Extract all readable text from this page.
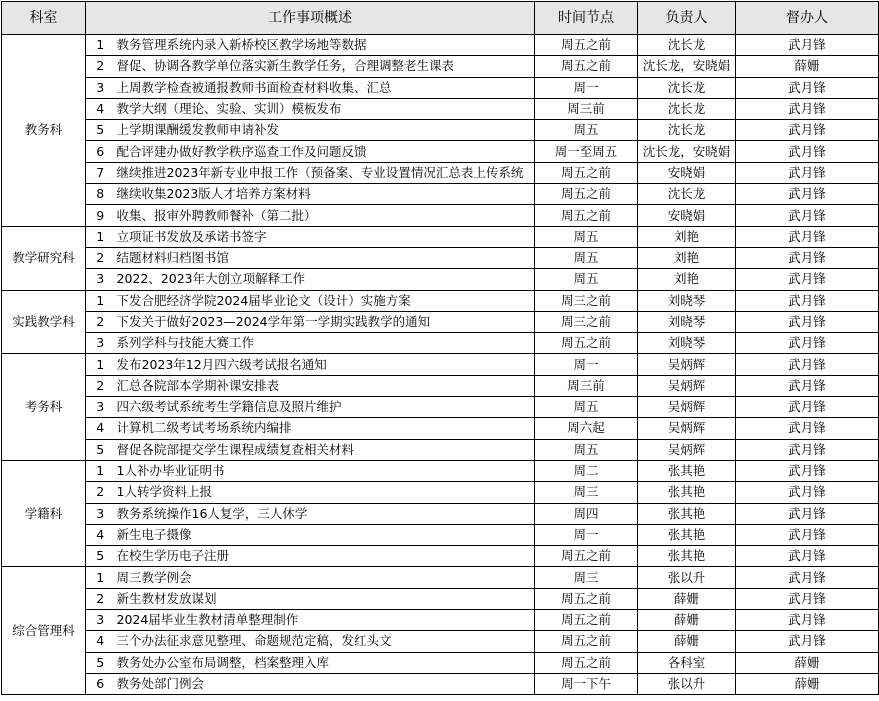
科室	工作事项概述		时间节点	负责人	督办人
教务科	1	教务管理系统内录入新桥校区教学场地等数据	周五之前	沈长龙	武月锋
	2	督促、协调各教学单位落实新生教学任务，合理调整老生课表	周五之前	沈长龙，安晓娟	薛姗
	3	上周教学检查被通报教师书面检查材料收集、汇总	周一	沈长龙	武月锋
	4	教学大纲（理论、实验、实训）模板发布	周三前	沈长龙	武月锋
	5	上学期课酬缓发教师申请补发	周五	沈长龙	武月锋
	6	配合评建办做好教学秩序巡查工作及问题反馈	周一至周五	沈长龙，安晓娟	武月锋
	7	继续推进2023年新专业申报工作（预备案、专业设置情况汇总表上传系统	周五之前	安晓娟	武月锋
	8	继续收集2023版人才培养方案材料	周五之前	沈长龙	武月锋
	9	收集、报审外聘教师餐补（第二批）	周五之前	安晓娟	武月锋
教学研究科	1	立项证书发放及承诺书签字	周五	刘艳	武月锋
	2	结题材料归档图书馆	周五	刘艳	武月锋
	3	2022、2023年大创立项解释工作	周五	刘艳	武月锋
实践教学科	1	下发合肥经济学院2024届毕业论文（设计）实施方案	周三之前	刘晓琴	武月锋
	2	下发关于做好2023—2024学年第一学期实践教学的通知	周三之前	刘晓琴	武月锋
	3	系列学科与技能大赛工作	周五之前	刘晓琴	武月锋
考务科	1	发布2023年12月四六级考试报名通知	周一	吴炳辉	武月锋
	2	汇总各院部本学期补课安排表	周三前	吴炳辉	武月锋
	3	四六级考试系统考生学籍信息及照片维护	周五	吴炳辉	武月锋
	4	计算机二级考试考场系统内编排	周六起	吴炳辉	武月锋
	5	督促各院部提交学生课程成绩复查相关材料	周五	吴炳辉	武月锋
学籍科	1	1人补办毕业证明书	周二	张其艳	武月锋
	2	1人转学资料上报	周三	张其艳	武月锋
	3	教务系统操作16人复学，三人休学	周四	张其艳	武月锋
	4	新生电子摄像	周一	张其艳	武月锋
	5	在校生学历电子注册	周五之前	张其艳	武月锋
综合管理科	1	周三教学例会	周三	张以升	武月锋
	2	新生教材发放谋划	周五之前	薛姗	武月锋
	3	2024届毕业生教材清单整理制作	周五之前	薛姗	武月锋
	4	三个办法征求意见整理、命题规范定稿，发红头文	周五之前	薛姗	武月锋
	5	教务处办公室布局调整，档案整理入库	周五之前	各科室	薛姗
	6	教务处部门例会	周一下午	张以升	薛姗
